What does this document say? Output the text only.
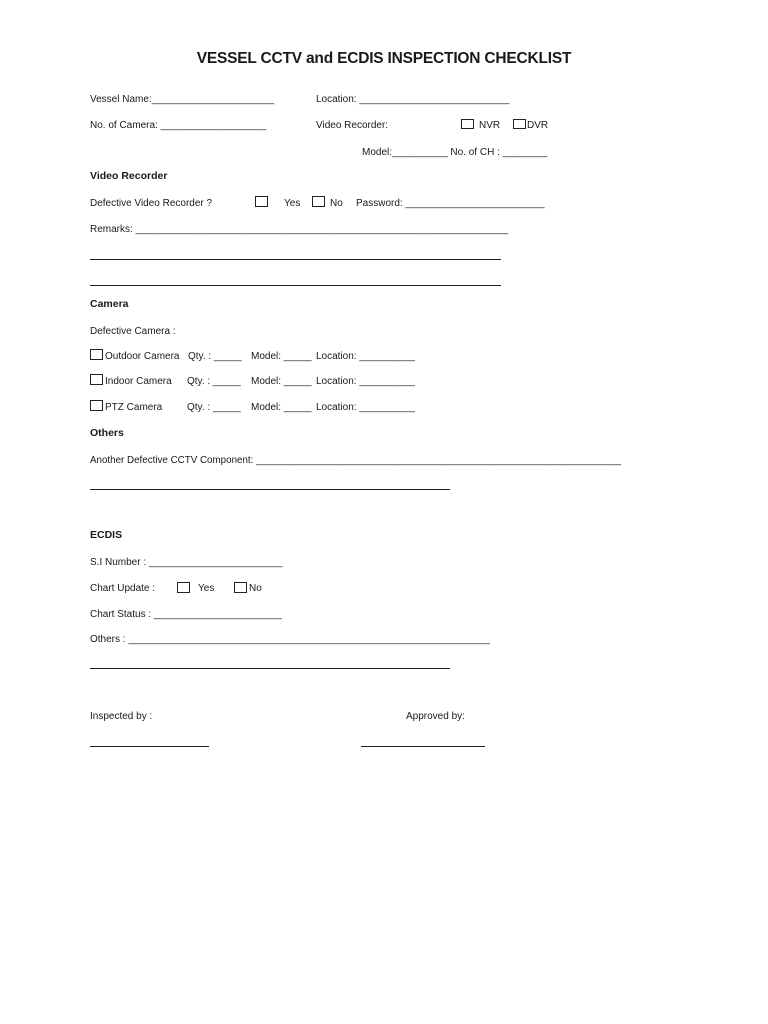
VESSEL CCTV and ECDIS INSPECTION CHECKLIST
Vessel Name:______________________	Location: ___________________________
No. of Camera: ___________________	Video Recorder:	NVR	DVR
Model:__________ No. of CH : ________
Video Recorder
Defective Video Recorder ?	Yes	No Password: _________________________
Remarks: ___________________________________________________________________
Camera
Defective Camera :
Outdoor Camera Qty. : _____ Model: _____ Location: __________
Indoor Camera Qty. : _____ Model: _____ Location: __________
PTZ Camera Qty. : _____ Model: _____ Location: __________
Others
Another Defective CCTV Component: ___________________________________________________________________
ECDIS
S.I Number : ________________________
Chart Update :	Yes	No
Chart Status : _______________________
Others : _________________________________________________________________
Inspected by :	Approved by:
